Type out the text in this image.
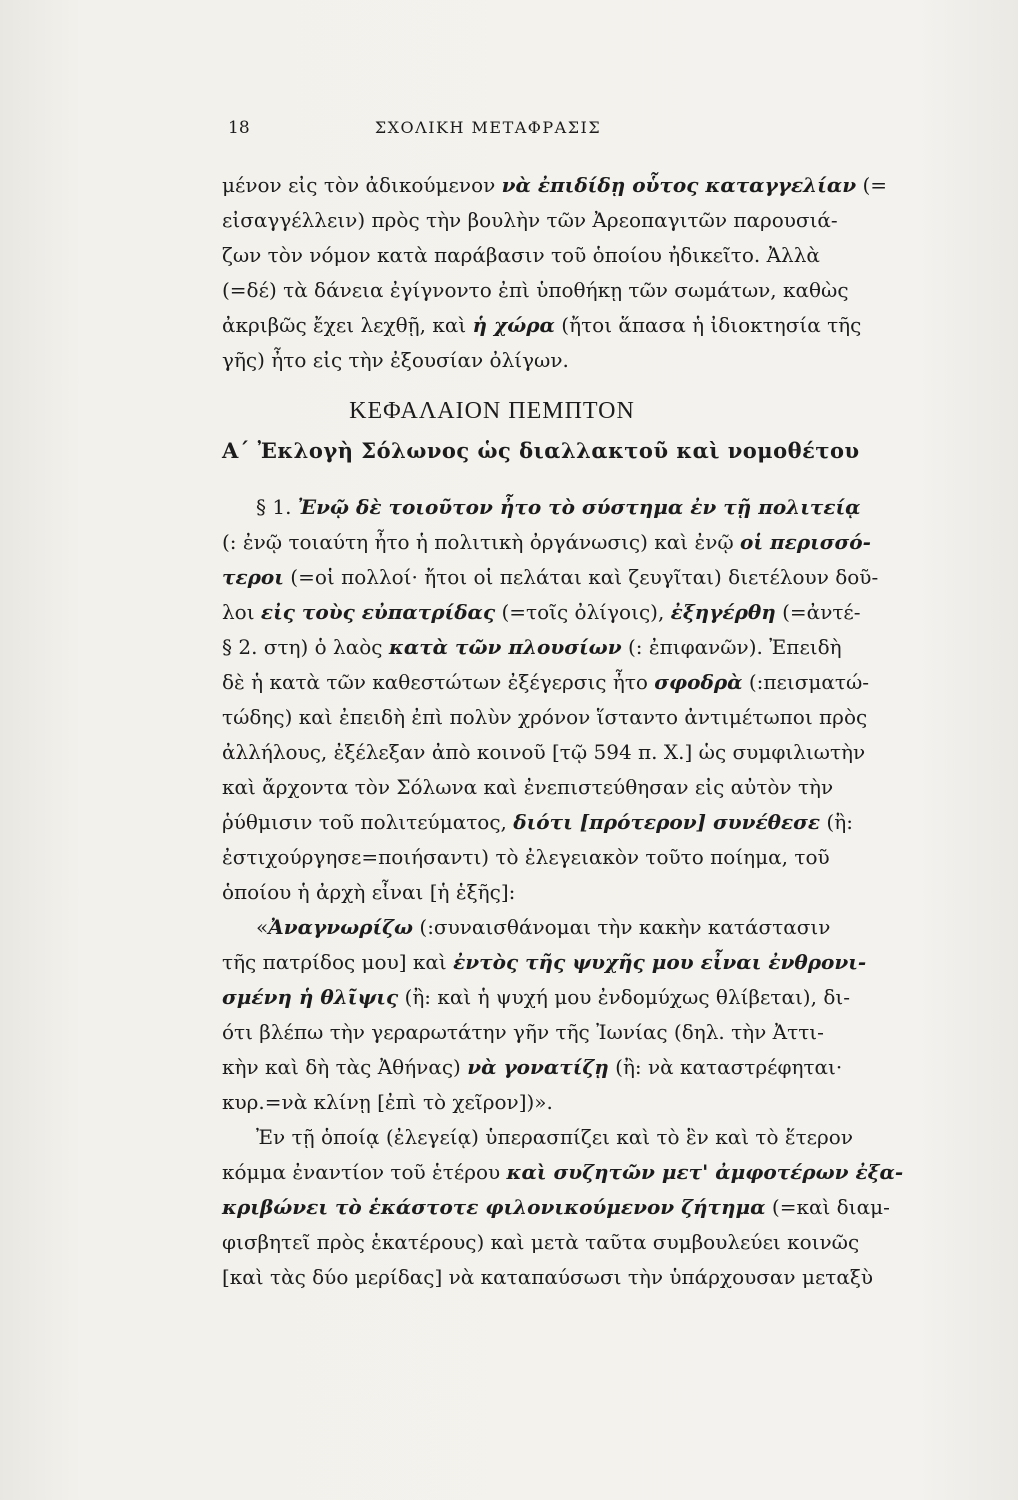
18	ΣΧΟΛΙΚΗ ΜΕΤΑΦΡΑΣΙΣ
μένον εἰς τὸν ἀδικούμενον νὰ ἐπιδίδῃ οὗτος καταγγελίαν (=
εἰσαγγέλλειν) πρὸς τὴν βουλὴν τῶν Ἀρεοπαγιτῶν παρουσιά-
ζων τὸν νόμον κατὰ παράβασιν τοῦ ὁποίου ἠδικεῖτο. Ἀλλὰ
(=δέ) τὰ δάνεια ἐγίγνοντο ἐπὶ ὑποθήκῃ τῶν σωμάτων, καθὼς
ἀκριβῶς ἔχει λεχθῇ, καὶ ἡ χώρα (ἤτοι ἅπασα ἡ ἰδιοκτησία τῆς
γῆς) ἦτο εἰς τὴν ἐξουσίαν ὀλίγων.
ΚΕΦΑΛΑΙΟΝ ΠΕΜΠΤΟΝ
Α΄ Ἐκλογὴ Σόλωνος ὡς διαλλακτοῦ καὶ νομοθέτου
§ 1. Ἐνῷ δὲ τοιοῦτον ἦτο τὸ σύστημα ἐν τῇ πολιτείᾳ
(: ἐνῷ τοιαύτη ἦτο ἡ πολιτικὴ ὀργάνωσις) καὶ ἐνῷ οἱ περισσό-
τεροι (=οἱ πολλοί· ἤτοι οἱ πελάται καὶ ζευγῖται) διετέλουν δοῦ-
λοι εἰς τοὺς εὐπατρίδας (=τοῖς ὀλίγοις), ἐξηγέρθη (=ἀντέ-
§ 2. στη) ὁ λαὸς κατὰ τῶν πλουσίων (: ἐπιφανῶν). Ἐπειδὴ
δὲ ἡ κατὰ τῶν καθεστώτων ἐξέγερσις ἦτο σφοδρὰ (:πεισματώ-
τώδης) καὶ ἐπειδὴ ἐπὶ πολὺν χρόνον ἵσταντο ἀντιμέτωποι πρὸς
ἀλλήλους, ἐξέλεξαν ἀπὸ κοινοῦ [τῷ 594 π. Χ.] ὡς συμφιλιωτὴν
καὶ ἄρχοντα τὸν Σόλωνα καὶ ἐνεπιστεύθησαν εἰς αὐτὸν τὴν
ῥύθμισιν τοῦ πολιτεύματος, διότι [πρότερον] συνέθεσε (ἢ:
ἐστιχούργησε=ποιήσαντι) τὸ ἐλεγειακὸν τοῦτο ποίημα, τοῦ
ὁποίου ἡ ἀρχὴ εἶναι [ἡ ἑξῆς]:
«Ἀναγνωρίζω (:συναισθάνομαι τὴν κακὴν κατάστασιν
τῆς πατρίδος μου] καὶ ἐντὸς τῆς ψυχῆς μου εἶναι ἐνθρονι-
σμένη ἡ θλῖψις (ἢ: καὶ ἡ ψυχή μου ἐνδομύχως θλίβεται), δι-
ότι βλέπω τὴν γεραρωτάτην γῆν τῆς Ἰωνίας (δηλ. τὴν Ἀττι-
κὴν καὶ δὴ τὰς Ἀθήνας) νὰ γονατίζῃ (ἢ: νὰ καταστρέφηται·
κυρ.=νὰ κλίνῃ [ἐπὶ τὸ χεῖρον])».
Ἐν τῇ ὁποίᾳ (ἐλεγείᾳ) ὑπερασπίζει καὶ τὸ ἓν καὶ τὸ ἕτερον
κόμμα ἐναντίον τοῦ ἑτέρου καὶ συζητῶν μετ' ἀμφοτέρων ἐξα-
κριβώνει τὸ ἑκάστοτε φιλονικούμενον ζήτημα (=καὶ διαμ-
φισβητεῖ πρὸς ἑκατέρους) καὶ μετὰ ταῦτα συμβουλεύει κοινῶς
[καὶ τὰς δύο μερίδας] νὰ καταπαύσωσι τὴν ὑπάρχουσαν μεταξὺ
